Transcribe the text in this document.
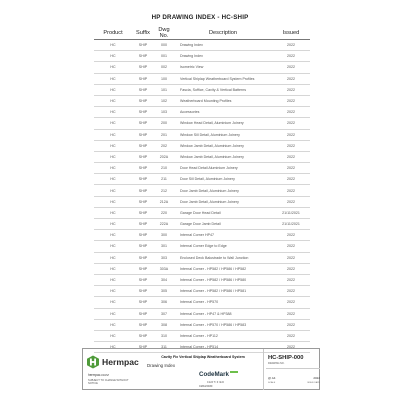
HP DRAWING INDEX - HC-SHIP
Product	Suffix	Dwg No.	Description	Issued
HC	SHIP	000	Drawing Index	2022
HC	SHIP	001	Drawing Index	2022
HC	SHIP	002	Isometric View	2022
HC	SHIP	100	Vertical Shiplap Weatherboard System Profiles	2022
HC	SHIP	101	Fascia, Soffice, Cavity & Vertical Batterns	2022
HC	SHIP	102	Weatherboard Mounting Profiles	2022
HC	SHIP	103	Accessories	2022
HC	SHIP	200	Window Head Detail, Aluminium Joinery	2022
HC	SHIP	201	Window Sill Detail, Aluminium Joinery	2022
HC	SHIP	202	Window Jamb Detail, Aluminium Joinery	2022
HC	SHIP	202A	Window Jamb Detail, Aluminium Joinery	2022
HC	SHIP	210	Door Head Detail Aluminium Joinery	2022
HC	SHIP	211	Door Sill Detail, Aluminium Joinery	2022
HC	SHIP	212	Door Jamb Detail, Aluminium Joinery	2022
HC	SHIP	212A	Door Jamb Detail, Aluminium Joinery	2022
HC	SHIP	220	Garage Door Head Detail	21/11/2021
HC	SHIP	222A	Garage Door Jamb Detail	21/11/2021
HC	SHIP	300	Internal Corner HP47	2022
HC	SHIP	301	Internal Corner Edge to Edge	2022
HC	SHIP	303	Enclosed Deck Balustrade to Wall Junction	2022
HC	SHIP	303A	Internal Corner - HP582 / HP586 / HP582	2022
HC	SHIP	304	Internal Corner - HP582 / HP586 / HP580	2022
HC	SHIP	305	Internal Corner - HP582 / HP586 / HP581	2022
HC	SHIP	306	Internal Corner - HP570	2022
HC	SHIP	307	Internal Corner - HP47 & HP388	2022
HC	SHIP	308	Internal Corner - HP570 / HP586 / HP583	2022
HC	SHIP	310	Internal Corner - HP112	2022
HC	SHIP	311	Internal Corner - HP514	2022
Hermpac
hermpac.co.nz
SUBJECT TO CHANGE WITHOUT NOTICE
Cavity Fix Vertical Shiplap Weatherboard System
Drawing Index
CodeMark
CERTIFIED
CMA/2/0039
HC-SHIP-000
DRAWING NO.
@ A4	2022
SCALE	ISSUE DATE
